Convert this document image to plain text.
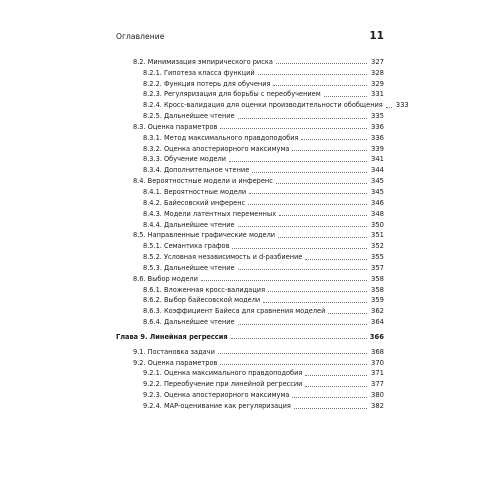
Оглавление	11
8.2. Минимизация эмпирического риска	327
8.2.1. Гипотеза класса функций	328
8.2.2. Функция потерь для обучения	329
8.2.3. Регуляризация для борьбы с переобучением	331
8.2.4. Кросс-валидация для оценки производительности обобщения 333
8.2.5. Дальнейшее чтение	335
8.3. Оценка параметров	336
8.3.1. Метод максимального правдоподобия	336
8.3.2. Оценка апостериорного максимума	339
8.3.3. Обучение модели	341
8.3.4. Дополнительное чтение	344
8.4. Вероятностные модели и инференс	345
8.4.1. Вероятностные модели	345
8.4.2. Байесовский инференс	346
8.4.3. Модели латентных переменных	348
8.4.4. Дальнейшее чтение	350
8.5. Направленные графические модели	351
8.5.1. Семантика графов	352
8.5.2. Условная независимость и d-разбиение	355
8.5.3. Дальнейшее чтение	357
8.6. Выбор модели	358
8.6.1. Вложенная кросс-валидация	358
8.6.2. Выбор байесовской модели	359
8.6.3. Коэффициент Байеса для сравнения моделей	362
8.6.4. Дальнейшее чтение	364
Глава 9. Линейная регрессия	366
9.1. Постановка задачи	368
9.2. Оценка параметров	370
9.2.1. Оценка максимального правдоподобия	371
9.2.2. Переобучение при линейной регрессии	377
9.2.3. Оценка апостериорного максимума	380
9.2.4. MAP-оценивание как регуляризация	382
